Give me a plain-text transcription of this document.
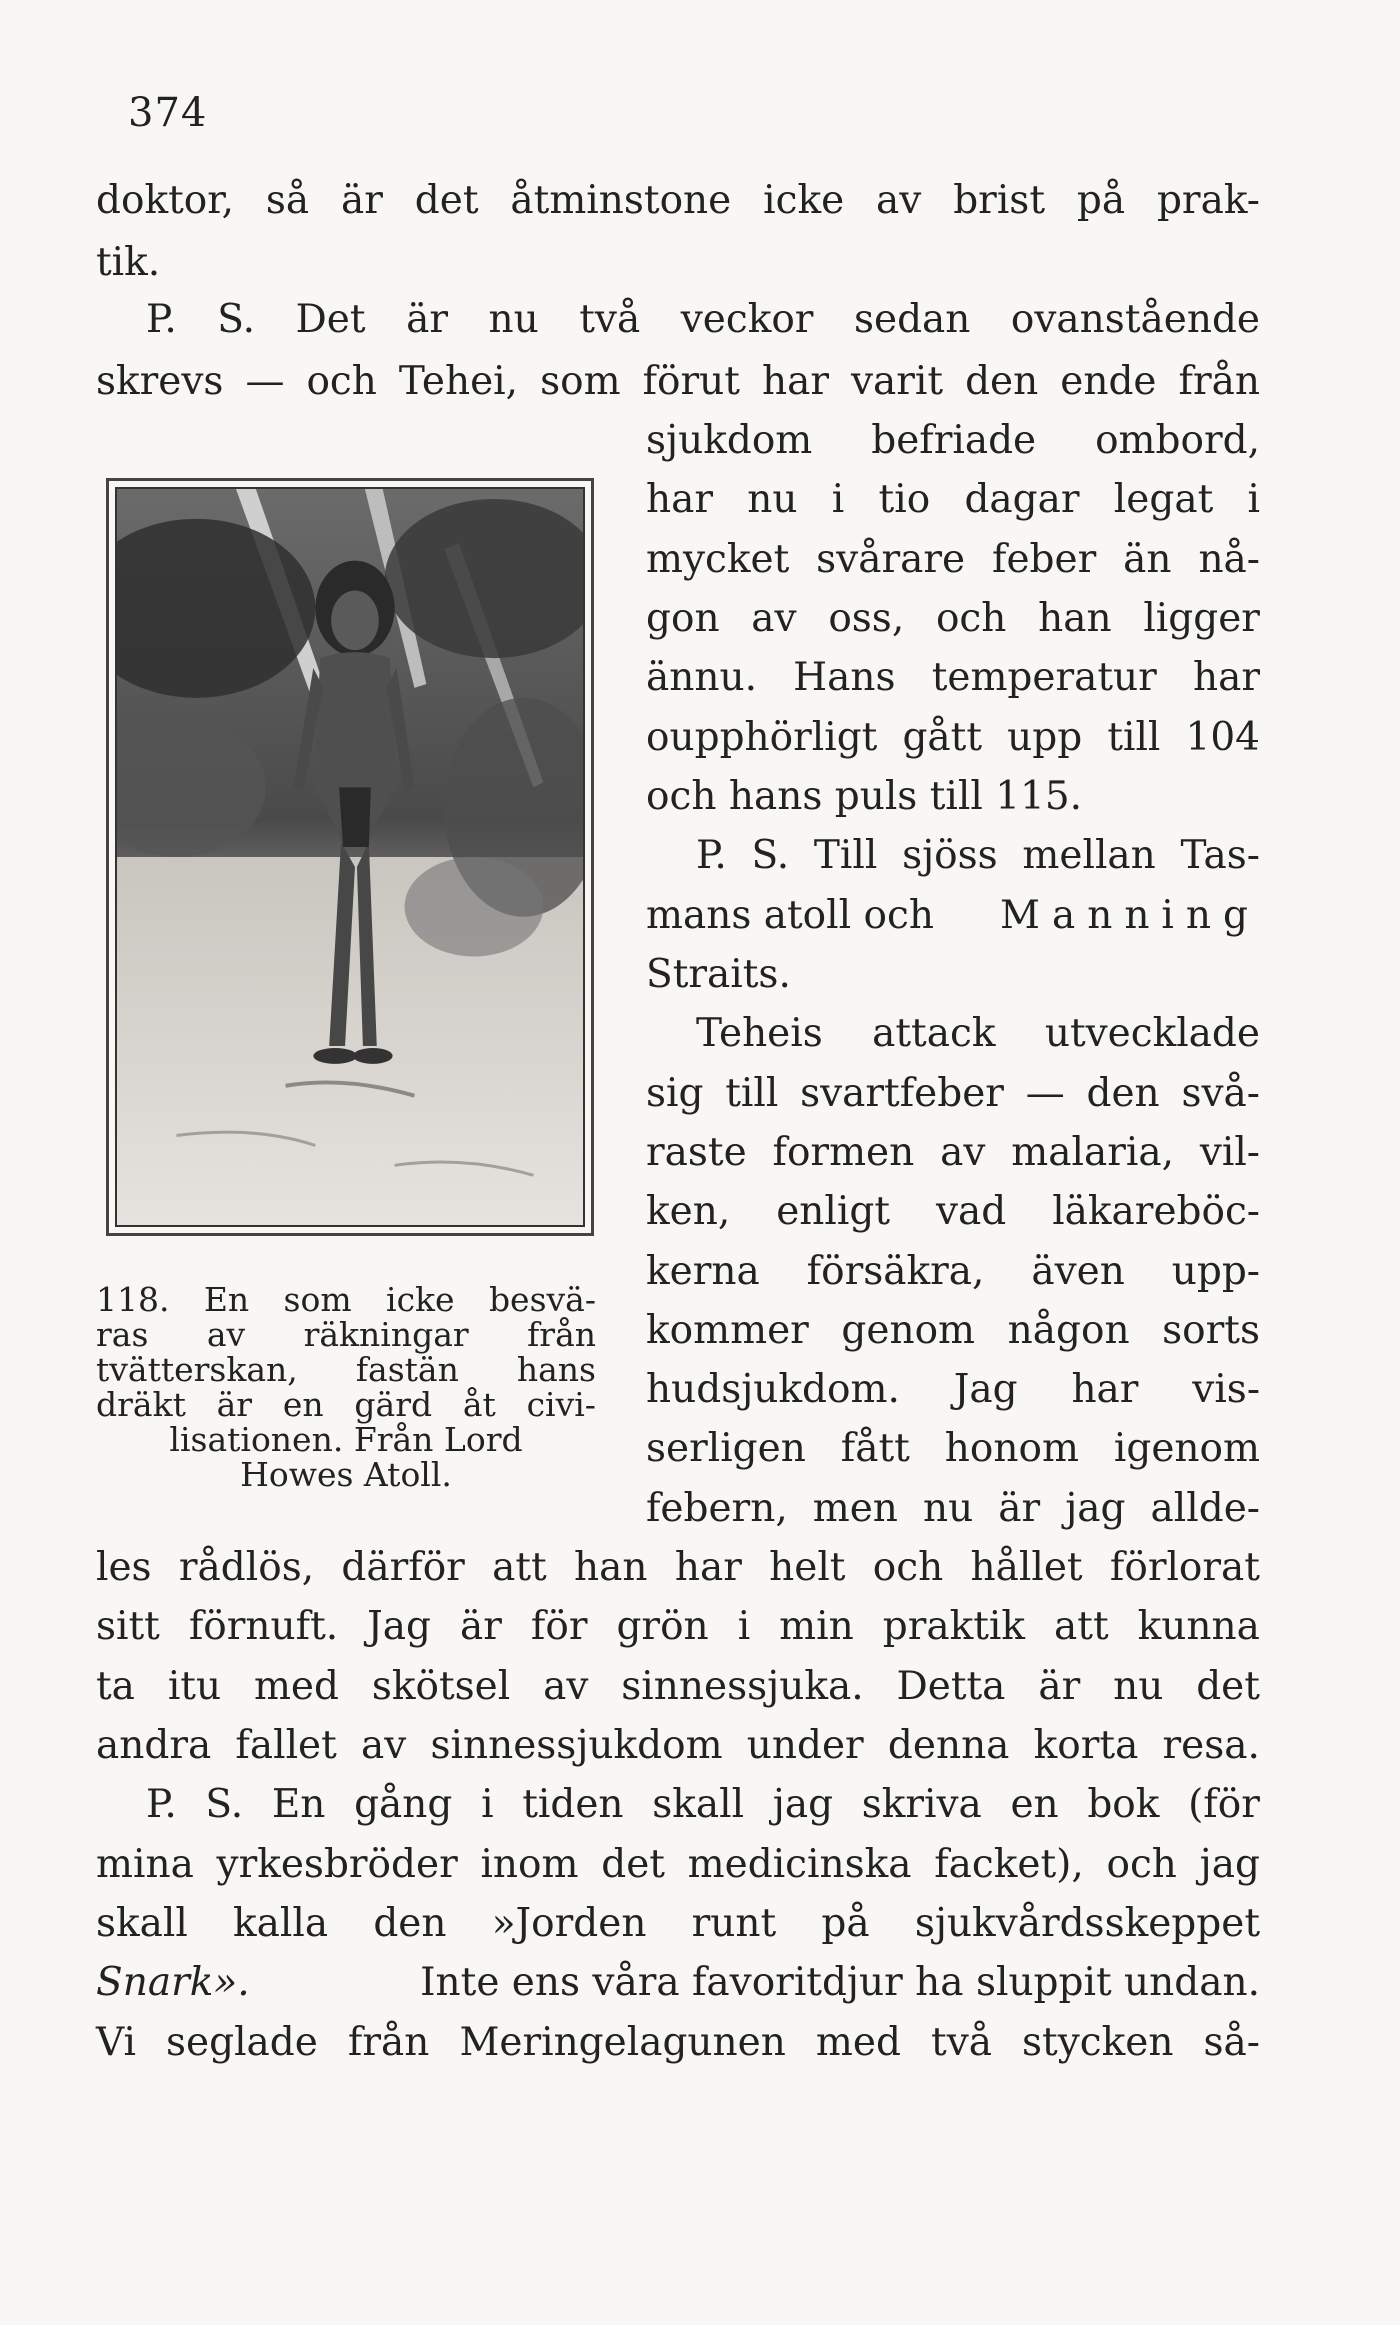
374
doktor, så är det åtminstone icke av brist på prak-
tik.
P. S. Det är nu två veckor sedan ovanstående
skrevs — och Tehei, som förut har varit den ende från
sjukdom befriade ombord,
har nu i tio dagar legat i
mycket svårare feber än nå-
gon av oss, och han ligger
ännu. Hans temperatur har
oupphörligt gått upp till 104
och hans puls till 115.
P. S. Till sjöss mellan Tas-
mans atoll och Manning
Straits.
Teheis attack utvecklade
sig till svartfeber — den svå-
raste formen av malaria, vil-
ken, enligt vad läkareböc-
kerna försäkra, även upp-
kommer genom någon sorts
hudsjukdom. Jag har vis-
serligen fått honom igenom
febern, men nu är jag allde-
les rådlös, därför att han har helt och hållet förlorat
sitt förnuft. Jag är för grön i min praktik att kunna
ta itu med skötsel av sinnessjuka. Detta är nu det
andra fallet av sinnessjukdom under denna korta resa.
P. S. En gång i tiden skall jag skriva en bok (för
mina yrkesbröder inom det medicinska facket), och jag
skall kalla den »Jorden runt på sjukvårdsskeppet
Snark».	Inte ens våra favoritdjur ha sluppit undan.
Vi seglade från Meringelagunen med två stycken så-
118. En som icke besvä-
ras av räkningar från
tvätterskan, fastän hans
dräkt är en gärd åt civi-
lisationen. Från Lord
Howes Atoll.
